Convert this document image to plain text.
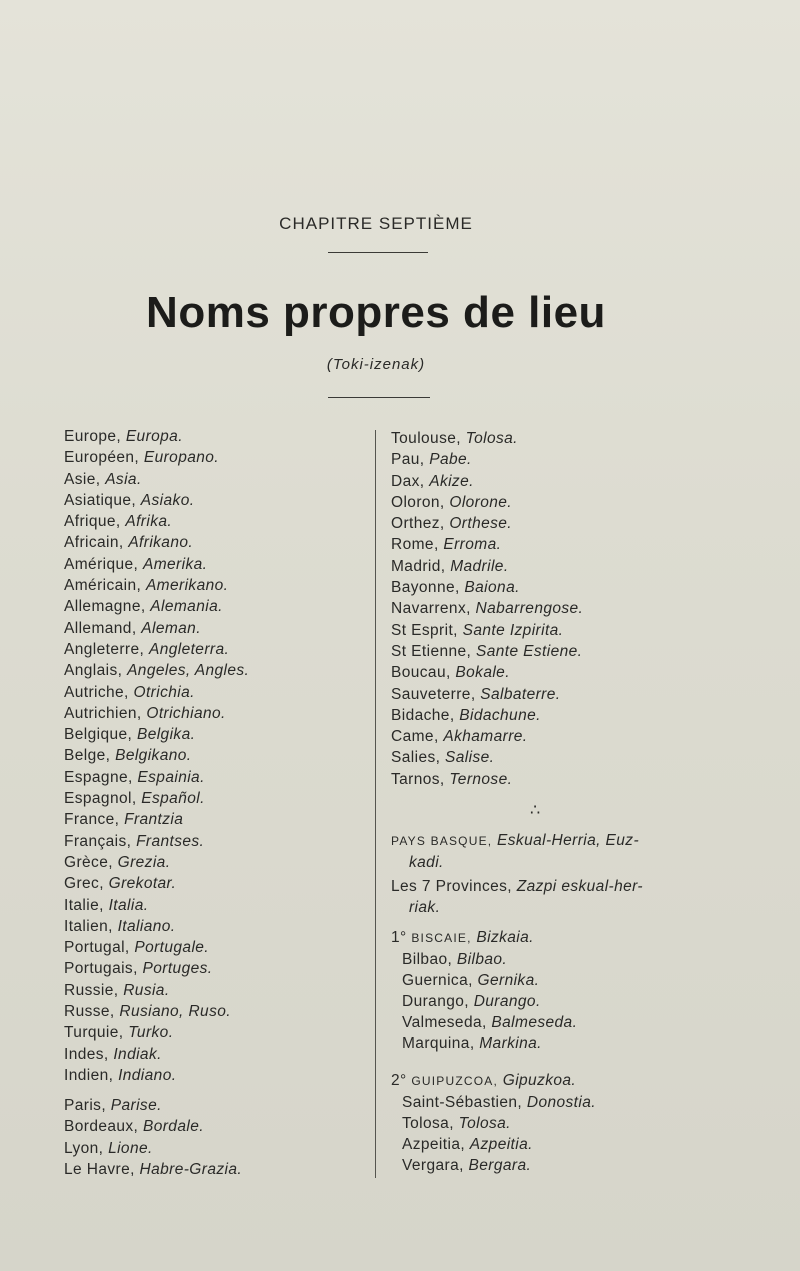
CHAPITRE SEPTIÈME
Noms propres de lieu
(Toki-izenak)
Europe, Europa.
Européen, Europano.
Asie, Asia.
Asiatique, Asiako.
Afrique, Afrika.
Africain, Afrikano.
Amérique, Amerika.
Américain, Amerikano.
Allemagne, Alemania.
Allemand, Aleman.
Angleterre, Angleterra.
Anglais, Angeles, Angles.
Autriche, Otrichia.
Autrichien, Otrichiano.
Belgique, Belgika.
Belge, Belgikano.
Espagne, Espainia.
Espagnol, Español.
France, Frantzia
Français, Frantses.
Grèce, Grezia.
Grec, Grekotar.
Italie, Italia.
Italien, Italiano.
Portugal, Portugale.
Portugais, Portuges.
Russie, Rusia.
Russe, Rusiano, Ruso.
Turquie, Turko.
Indes, Indiak.
Indien, Indiano.
Paris, Parise.
Bordeaux, Bordale.
Lyon, Lione.
Le Havre, Habre-Grazia.
Toulouse, Tolosa.
Pau, Pabe.
Dax, Akize.
Oloron, Olorone.
Orthez, Orthese.
Rome, Erroma.
Madrid, Madrile.
Bayonne, Baiona.
Navarrenx, Nabarrengose.
St Esprit, Sante Izpirita.
St Etienne, Sante Estiene.
Boucau, Bokale.
Sauveterre, Salbaterre.
Bidache, Bidachune.
Came, Akhamarre.
Salies, Salise.
Tarnos, Ternose.
∴
PAYS BASQUE, Eskual-Herria, Euz-
kadi.
Les 7 Provinces, Zazpi eskual-her-
riak.
1° BISCAIE, Bizkaia.
Bilbao, Bilbao.
Guernica, Gernika.
Durango, Durango.
Valmeseda, Balmeseda.
Marquina, Markina.
2° GUIPUZCOA, Gipuzkoa.
Saint-Sébastien, Donostia.
Tolosa, Tolosa.
Azpeitia, Azpeitia.
Vergara, Bergara.
